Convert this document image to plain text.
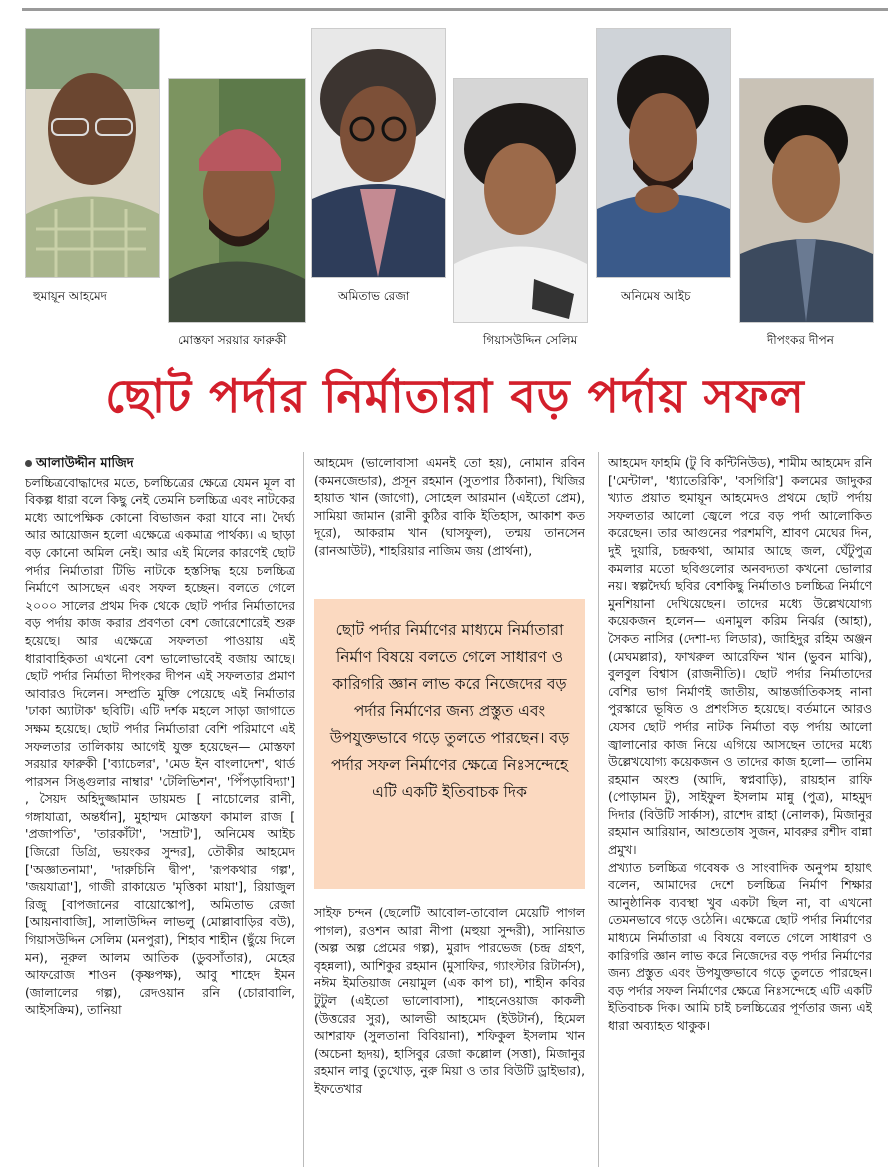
হুমায়ূন আহমেদ
মোস্তফা সরয়ার ফারুকী
অমিতাভ রেজা
গিয়াসউদ্দিন সেলিম
অনিমেষ আইচ
দীপংকর দীপন
ছোট পর্দার নির্মাতারা বড় পর্দায় সফল
আলাউদ্দীন মাজিদ

চলচ্চিত্রবোদ্ধাদের মতে, চলচ্চিত্রের ক্ষেত্রে যেমন মূল বা বিকল্প ধারা বলে কিছু নেই তেমনি চলচ্চিত্র এবং নাটকের মধ্যে আপেক্ষিক কোনো বিভাজন করা যাবে না। দৈর্ঘ্য আর আয়োজন হলো এক্ষেত্রে একমাত্র পার্থক্য। এ ছাড়া বড় কোনো অমিল নেই। আর এই মিলের কারণেই ছোট পর্দার নির্মাতারা টিভি নাটকে হস্তসিদ্ধ হয়ে চলচ্চিত্র নির্মাণে আসছেন এবং সফল হচ্ছেন। বলতে গেলে ২০০০ সালের প্রথম দিক থেকে ছোট পর্দার নির্মাতাদের বড় পর্দায় কাজ করার প্রবণতা বেশ জোরেশোরেই শুরু হয়েছে। আর এক্ষেত্রে সফলতা পাওয়ায় এই ধারাবাহিকতা এখনো বেশ ভালোভাবেই বজায় আছে। ছোট পর্দার নির্মাতা দীপংকর দীপন এই সফলতার প্রমাণ আবারও দিলেন। সম্প্রতি মুক্তি পেয়েছে এই নির্মাতার 'ঢাকা অ্যাটাক' ছবিটি। এটি দর্শক মহলে সাড়া জাগাতে সক্ষম হয়েছে। ছোট পর্দার নির্মাতারা বেশি পরিমাণে এই সফলতার তালিকায় আগেই যুক্ত হয়েছেন— মোস্তফা সরয়ার ফারুকী ['ব্যাচেলর', 'মেড ইন বাংলাদেশ', থার্ড পারসন সিঙ্গুলার নাম্বার' 'টেলিভিশন', 'পিঁপড়াবিদ্যা'] , সৈয়দ অহিদুজ্জামান ডায়মন্ড [ নাচোলের রানী, গঙ্গাযাত্রা, অন্তর্ধান], মুহাম্মদ মোস্তফা কামাল রাজ [ 'প্রজাপতি', 'তারকাঁটা', 'সম্রাট'], অনিমেষ আইচ [জিরো ডিগ্রি, ভয়ংকর সুন্দর], তৌকীর আহমেদ ['অজ্ঞাতনামা', 'দারুচিনি দ্বীপ', 'রূপকথার গল্প', 'জয়যাত্রা'], গাজী রাকায়েত 'মৃত্তিকা মায়া'], রিয়াজুল রিজু [বাপজানের বায়োস্কোপ], অমিতাভ রেজা [আয়নাবাজি], সালাউদ্দিন লাভলু (মোল্লাবাড়ির বউ), গিয়াসউদ্দিন সেলিম (মনপুরা), শিহাব শাহীন (ছুঁয়ে দিলে মন), নূরুল আলম আতিক (ডুবসাঁতার), মেহের আফরোজ শাওন (কৃষ্ণপক্ষ), আবু শাহেদ ইমন (জালালের গল্প), রেদওয়ান রনি (চোরাবালি, আইসক্রিম), তানিয়া

আহমেদ (ভালোবাসা এমনই তো হয়), নোমান রবিন (কমনজেন্ডার), প্রসূন রহমান (সুতপার ঠিকানা), খিজির হায়াত খান (জাগো), সোহেল আরমান (এইতো প্রেম), সামিয়া জামান (রানী কুঠির বাকি ইতিহাস, আকাশ কত দূরে), আকরাম খান (ঘাসফুল), তন্ময় তানসেন (রানআউট), শাহরিয়ার নাজিম জয় (প্রার্থনা),

ছোট পর্দার নির্মাণের মাধ্যমে নির্মাতারা নির্মাণ বিষয়ে বলতে গেলে সাধারণ ও কারিগরি জ্ঞান লাভ করে নিজেদের বড় পর্দার নির্মাণের জন্য প্রস্তুত এবং উপযুক্তভাবে গড়ে তুলতে পারছেন। বড় পর্দার সফল নির্মাণের ক্ষেত্রে নিঃসন্দেহে এটি একটি ইতিবাচক দিক

সাইফ চন্দন (ছেলেটি আবোল-তাবোল মেয়েটি পাগল পাগল), রওশন আরা নীপা (মহুয়া সুন্দরী), সানিয়াত (অল্প অল্প প্রেমের গল্প), মুরাদ পারভেজ (চন্দ্র গ্রহণ, বৃহন্নলা), আশিকুর রহমান (মুসাফির, গ্যাংস্টার রিটার্নস), নঈম ইমতিয়াজ নেয়ামুল (এক কাপ চা), শাহীন কবির টুটুল (এইতো ভালোবাসা), শাহনেওয়াজ কাকলী (উত্তরের সুর), আলভী আহমেদ (ইউটার্ন), হিমেল আশরাফ (সুলতানা বিবিয়ানা), শফিকুল ইসলাম খান (অচেনা হৃদয়), হাসিবুর রেজা কল্লোল (সত্তা), মিজানুর রহমান লাবু (তুখোড়, নুরু মিয়া ও তার বিউটি ড্রাইভার), ইফতেখার

আহমেদ ফাহমি (টু বি কন্টিনিউড), শামীম আহমেদ রনি ['মেন্টাল', 'ধ্যাতেরিকি', 'বসগিরি'] কলমের জাদুকর খ্যাত প্রয়াত হুমায়ূন আহমেদও প্রথমে ছোট পর্দায় সফলতার আলো জ্বেলে পরে বড় পর্দা আলোকিত করেছেন। তার আগুনের পরশমণি, শ্রাবণ মেঘের দিন, দুই দুয়ারি, চন্দ্রকথা, আমার আছে জল, ঘেঁটুপুত্র কমলার মতো ছবিগুলোর অনবদ্যতা কখনো ভোলার নয়। স্বল্পদৈর্ঘ্য ছবির বেশকিছু নির্মাতাও চলচ্চিত্র নির্মাণে মুনশিয়ানা দেখিয়েছেন। তাদের মধ্যে উল্লেখযোগ্য কয়েকজন হলেন— এনামুল করিম নির্ঝর (আহা), সৈকত নাসির (দেশা-দ্য লিডার), জাহিদুর রহিম অঞ্জন (মেঘমল্লার), ফাখরুল আরেফিন খান (ভুবন মাঝি), বুলবুল বিশ্বাস (রাজনীতি)। ছোট পর্দার নির্মাতাদের বেশির ভাগ নির্মাণই জাতীয়, আন্তর্জাতিকসহ নানা পুরস্কারে ভূষিত ও প্রশংসিত হয়েছে। বর্তমানে আরও যেসব ছোট পর্দার নাটক নির্মাতা বড় পর্দায় আলো জ্বালানোর কাজ নিয়ে এগিয়ে আসছেন তাদের মধ্যে উল্লেখযোগ্য কয়েকজন ও তাদের কাজ হলো— তানিম রহমান অংশু (আদি, স্বপ্নবাড়ি), রায়হান রাফি (পোড়ামন টু), সাইফুল ইসলাম মান্নু (পুত্র), মাহমুদ দিদার (বিউটি সার্কাস), রাশেদ রাহা (নোলক), মিজানুর রহমান আরিয়ান, আশুতোষ সুজন, মাবরুর রশীদ বান্না প্রমুখ।

প্রখ্যাত চলচ্চিত্র গবেষক ও সাংবাদিক অনুপম হায়াৎ বলেন, আমাদের দেশে চলচ্চিত্র নির্মাণ শিক্ষার আনুষ্ঠানিক ব্যবস্থা খুব একটা ছিল না, বা এখনো তেমনভাবে গড়ে ওঠেনি। এক্ষেত্রে ছোট পর্দার নির্মাণের মাধ্যমে নির্মাতারা এ বিষয়ে বলতে গেলে সাধারণ ও কারিগরি জ্ঞান লাভ করে নিজেদের বড় পর্দার নির্মাণের জন্য প্রস্তুত এবং উপযুক্তভাবে গড়ে তুলতে পারছেন। বড় পর্দার সফল নির্মাণের ক্ষেত্রে নিঃসন্দেহে এটি একটি ইতিবাচক দিক। আমি চাই চলচ্চিত্রের পূর্ণতার জন্য এই ধারা অব্যাহত থাকুক।
